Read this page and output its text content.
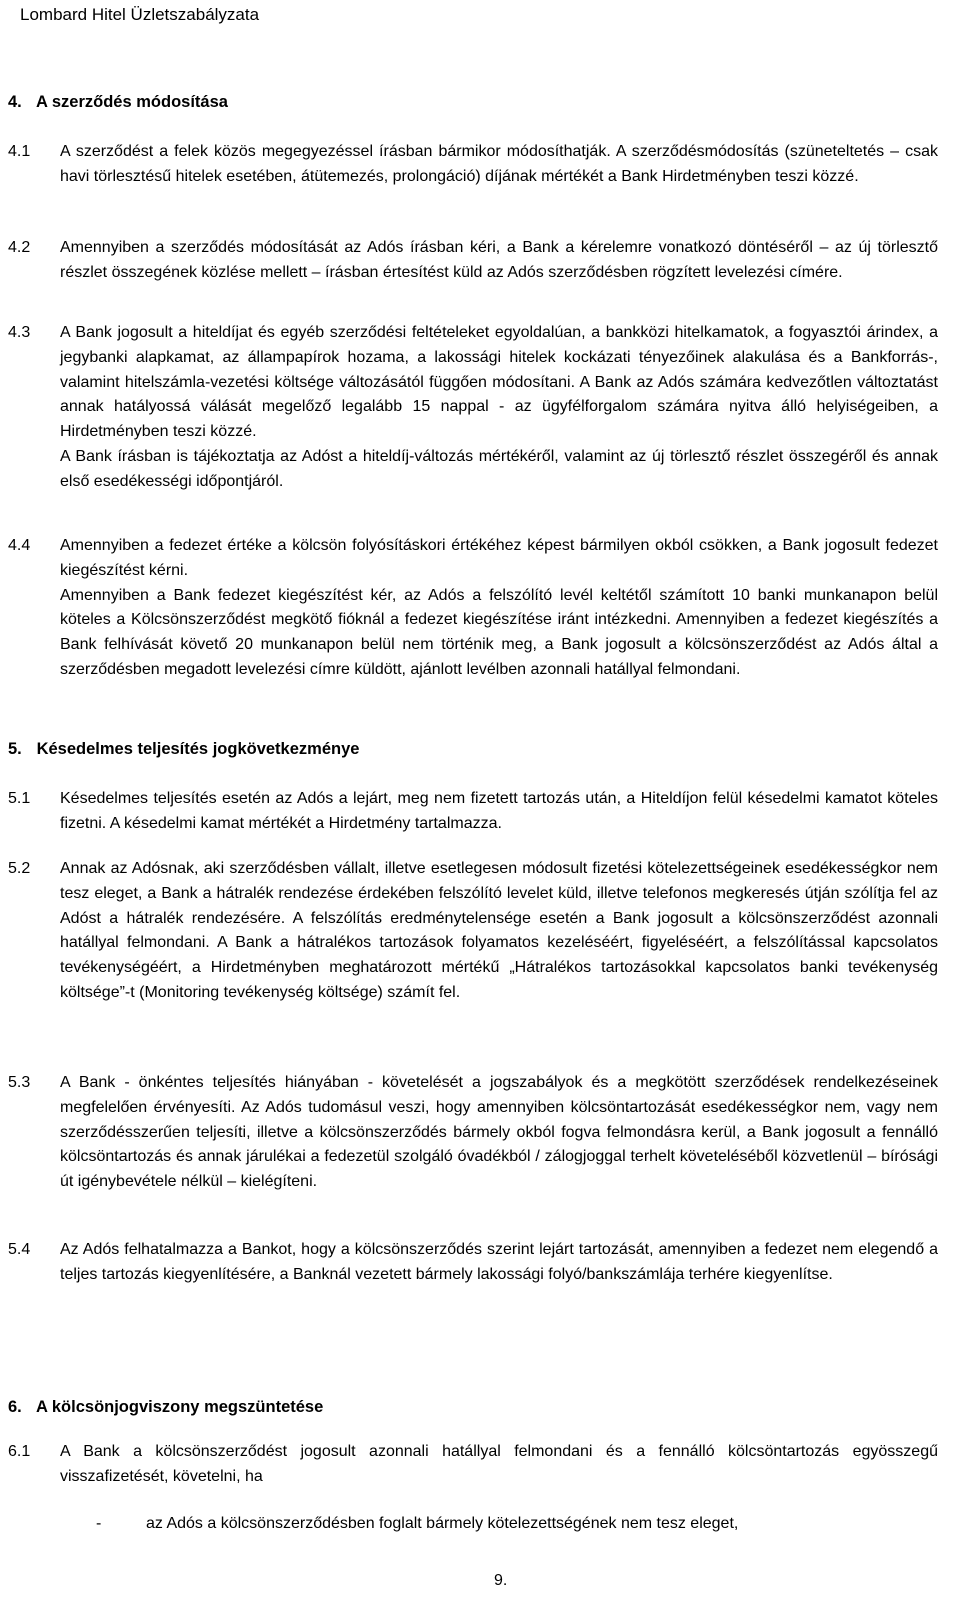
Lombard Hitel Üzletszabályzata
4. A szerződés módosítása
4.1 A szerződést a felek közös megegyezéssel írásban bármikor módosíthatják. A szerződésmódosítás (szüneteltetés – csak havi törlesztésű hitelek esetében, átütemezés, prolongáció) díjának mértékét a Bank Hirdetményben teszi közzé.

4.2 Amennyiben a szerződés módosítását az Adós írásban kéri, a Bank a kérelemre vonatkozó döntéséről – az új törlesztő részlet összegének közlése mellett – írásban értesítést küld az Adós szerződésben rögzített levelezési címére.

4.3 A Bank jogosult a hiteldíjat és egyéb szerződési feltételeket egyoldalúan, a bankközi hitelkamatok, a fogyasztói árindex, a jegybanki alapkamat, az állampapírok hozama, a lakossági hitelek kockázati tényezőinek alakulása és a Bankforrás-, valamint hitelszámla-vezetési költsége változásától függően módosítani. A Bank az Adós számára kedvezőtlen változtatást annak hatályossá válását megelőző legalább 15 nappal - az ügyfélforgalom számára nyitva álló helyiségeiben, a Hirdetményben teszi közzé.

A Bank írásban is tájékoztatja az Adóst a hiteldíj-változás mértékéről, valamint az új törlesztő részlet összegéről és annak első esedékességi időpontjáról.

4.4 Amennyiben a fedezet értéke a kölcsön folyósításkori értékéhez képest bármilyen okból csökken, a Bank jogosult fedezet kiegészítést kérni.

Amennyiben a Bank fedezet kiegészítést kér, az Adós a felszólító levél keltétől számított 10 banki munkanapon belül köteles a Kölcsönszerződést megkötő fióknál a fedezet kiegészítése iránt intézkedni. Amennyiben a fedezet kiegészítés a Bank felhívását követő 20 munkanapon belül nem történik meg, a Bank jogosult a kölcsönszerződést az Adós által a szerződésben megadott levelezési címre küldött, ajánlott levélben azonnali hatállyal felmondani.

5. Késedelmes teljesítés jogkövetkezménye
5.1 Késedelmes teljesítés esetén az Adós a lejárt, meg nem fizetett tartozás után, a Hiteldíjon felül késedelmi kamatot köteles fizetni. A késedelmi kamat mértékét a Hirdetmény tartalmazza.

5.2 Annak az Adósnak, aki szerződésben vállalt, illetve esetlegesen módosult fizetési kötelezettségeinek esedékességkor nem tesz eleget, a Bank a hátralék rendezése érdekében felszólító levelet küld, illetve telefonos megkeresés útján szólítja fel az Adóst a hátralék rendezésére. A felszólítás eredménytelensége esetén a Bank jogosult a kölcsönszerződést azonnali hatállyal felmondani. A Bank a hátralékos tartozások folyamatos kezeléséért, figyeléséért, a felszólítással kapcsolatos tevékenységéért, a Hirdetményben meghatározott mértékű „Hátralékos tartozásokkal kapcsolatos banki tevékenység költsége”-t (Monitoring tevékenység költsége) számít fel.

5.3 A Bank - önkéntes teljesítés hiányában - követelését a jogszabályok és a megkötött szerződések rendelkezéseinek megfelelően érvényesíti. Az Adós tudomásul veszi, hogy amennyiben kölcsöntartozását esedékességkor nem, vagy nem szerződésszerűen teljesíti, illetve a kölcsönszerződés bármely okból fogva felmondásra kerül, a Bank jogosult a fennálló kölcsöntartozás és annak járulékai a fedezetül szolgáló óvadékból / zálogjoggal terhelt követeléséből közvetlenül – bírósági út igénybevétele nélkül – kielégíteni.

5.4 Az Adós felhatalmazza a Bankot, hogy a kölcsönszerződés szerint lejárt tartozását, amennyiben a fedezet nem elegendő a teljes tartozás kiegyenlítésére, a Banknál vezetett bármely lakossági folyó/bankszámlája terhére kiegyenlítse.

6. A kölcsönjogviszony megszüntetése
6.1 A Bank a kölcsönszerződést jogosult azonnali hatállyal felmondani és a fennálló kölcsöntartozás egyösszegű visszafizetését, követelni, ha

-	az Adós a kölcsönszerződésben foglalt bármely kötelezettségének nem tesz eleget,
9.
